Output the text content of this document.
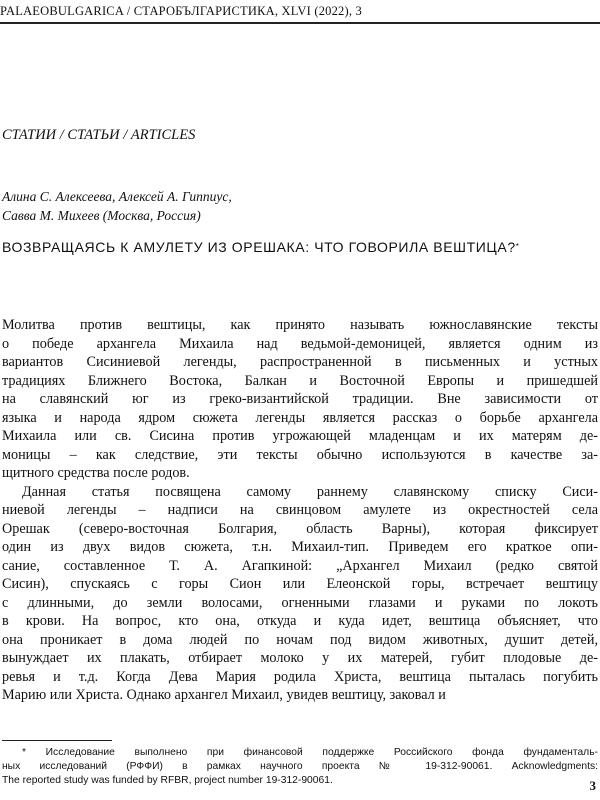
PALAEOBULGARICA / СТАРОБЪЛГАРИСТИКА, XLVI (2022), 3
СТАТИИ / СТАТЬИ / ARTICLES
Алина С. Алексеева, Алексей А. Гиппиус,
Савва М. Михеев (Москва, Россия)
ВОЗВРАЩАЯСЬ К АМУЛЕТУ ИЗ ОРЕШАКА: ЧТО ГОВОРИЛА ВЕШТИЦА?*
Молитва против вештицы, как принято называть южнославянские тексты
о победе архангела Михаила над ведьмой-демоницей, является одним из
вариантов Сисиниевой легенды, распространенной в письменных и устных
традициях Ближнего Востока, Балкан и Восточной Европы и пришедшей
на славянский юг из греко-византийской традиции. Вне зависимости от
языка и народа ядром сюжета легенды является рассказ о борьбе архангела
Михаила или св. Сисина против угрожающей младенцам и их матерям де-
моницы – как следствие, эти тексты обычно используются в качестве за-
щитного средства после родов.
Данная статья посвящена самому раннему славянскому списку Сиси-
ниевой легенды – надписи на свинцовом амулете из окрестностей села
Орешак (северо-восточная Болгария, область Варны), которая фиксирует
один из двух видов сюжета, т.н. Михаил-тип. Приведем его краткое опи-
сание, составленное Т. А. Агапкиной: „Архангел Михаил (редко святой
Сисин), спускаясь с горы Сион или Елеонской горы, встречает вештицу
с длинными, до земли волосами, огненными глазами и руками по локоть
в крови. На вопрос, кто она, откуда и куда идет, вештица объясняет, что
она проникает в дома людей по ночам под видом животных, душит детей,
вынуждает их плакать, отбирает молоко у их матерей, губит плодовые де-
ревья и т.д. Когда Дева Мария родила Христа, вештица пыталась погубить
Марию или Христа. Однако архангел Михаил, увидев вештицу, заковал и
* Исследование выполнено при финансовой поддержке Российского фонда фундаменталь-
ных исследований (РФФИ) в рамках научного проекта № 19-312-90061. Acknowledgments:
The reported study was funded by RFBR, project number 19-312-90061.	3
